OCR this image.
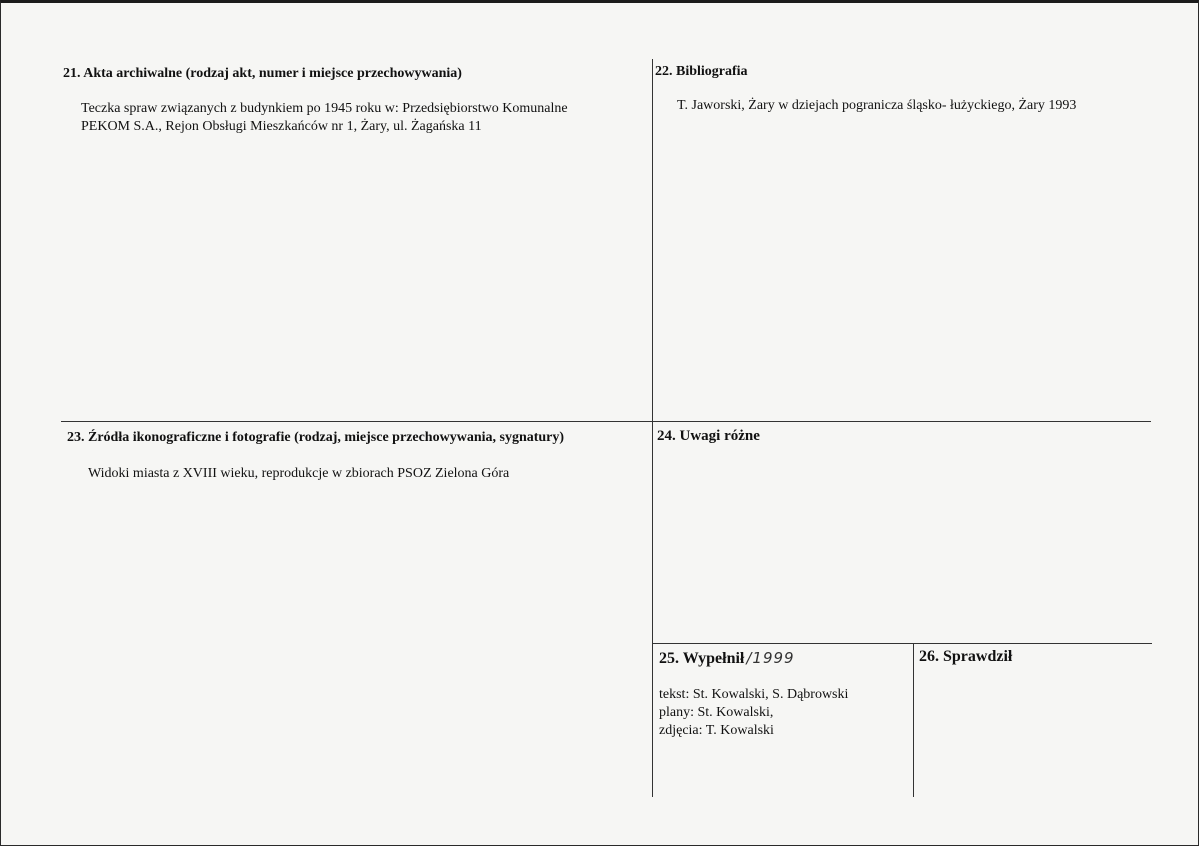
21. Akta archiwalne (rodzaj akt, numer i miejsce przechowywania)
Teczka spraw związanych z budynkiem po 1945 roku w: Przedsiębiorstwo Komunalne
PEKOM S.A., Rejon Obsługi Mieszkańców nr 1, Żary, ul. Żagańska 11
22. Bibliografia
T. Jaworski, Żary w dziejach pogranicza śląsko- łużyckiego, Żary 1993
23. Źródła ikonograficzne i fotografie (rodzaj, miejsce przechowywania, sygnatury)
Widoki miasta z XVIII wieku, reprodukcje w zbiorach PSOZ Zielona Góra
24. Uwagi różne
25. Wypełnił /1999
tekst: St. Kowalski, S. Dąbrowski
plany: St. Kowalski,
zdjęcia: T. Kowalski
26. Sprawdził
